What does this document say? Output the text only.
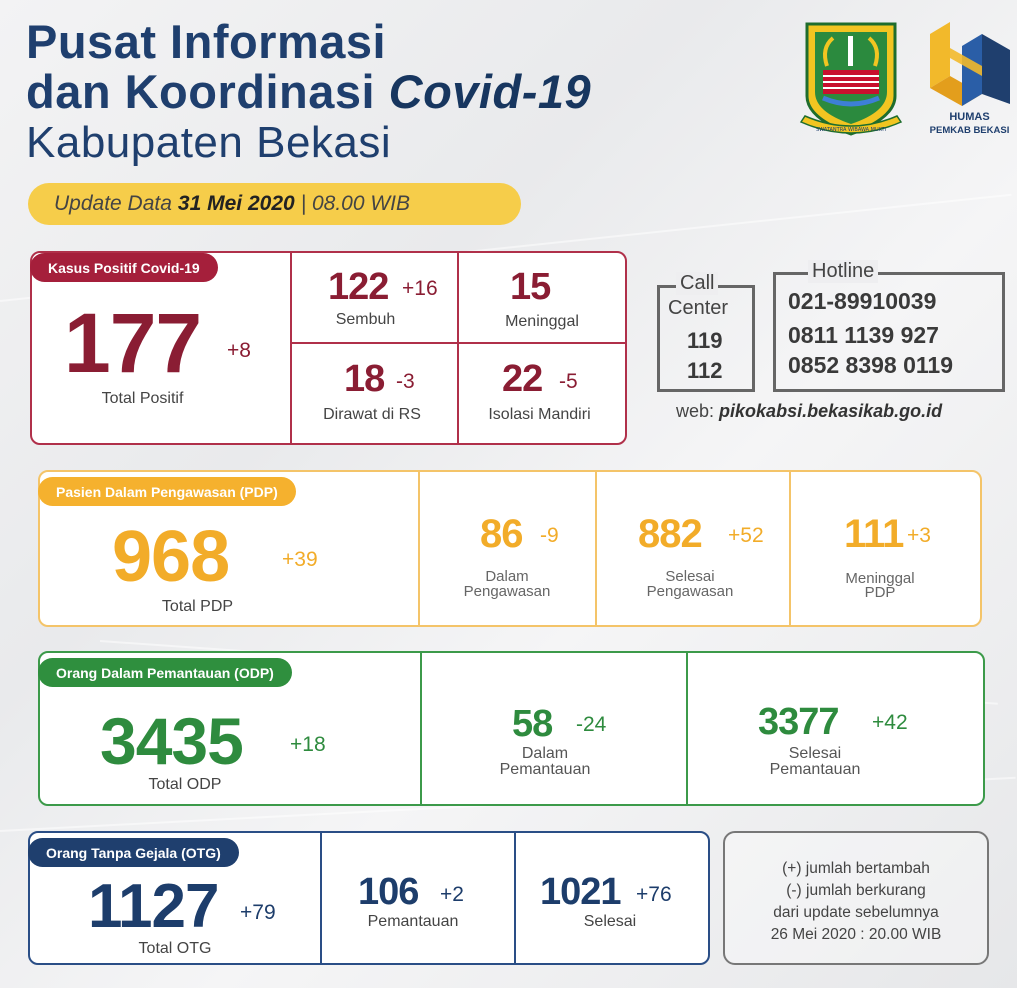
Pusat Informasi
dan Koordinasi Covid-19
Kabupaten Bekasi
Update Data 31 Mei 2020 | 08.00 WIB
SWATANTRA WIBAWA MUKTI
HUMAS
PEMKAB BEKASI
177 +8
Total Positif
122 +16
Sembuh
15
Meninggal
18 -3
Dirawat di RS
22 -5
Isolasi Mandiri
Kasus Positif Covid-19
Call
Center
119
112
Hotline
021-89910039
0811 1139 927
0852 8398 0119
web: pikokabsi.bekasikab.go.id
968	+39
Total PDP
86 -9
Dalam
Pengawasan
882 +52
Selesai
Pengawasan
111 +3
Meninggal
PDP
Pasien Dalam Pengawasan (PDP)
3435 +18
Total ODP
58 -24
Dalam
Pemantauan
3377 +42
Selesai
Pemantauan
Orang Dalam Pemantauan (ODP)
1127 +79
Total OTG
106 +2
Pemantauan
1021 +76
Selesai
Orang Tanpa Gejala (OTG)
(+) jumlah bertambah
(-) jumlah berkurang
dari update sebelumnya
26 Mei 2020 : 20.00 WIB
